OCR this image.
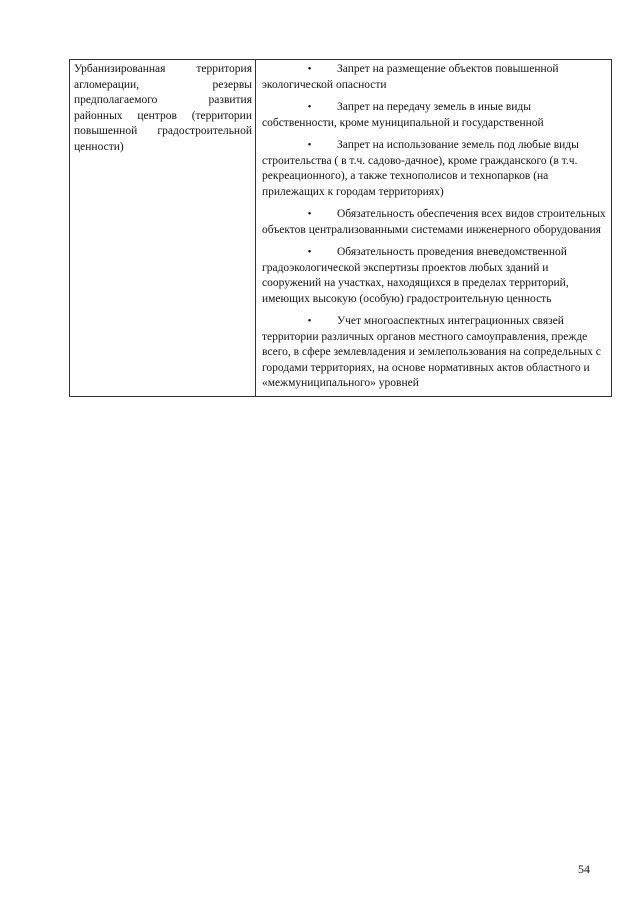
Урбанизированная территория агломерации, резервы предполагаемого развития районных центров (территории повышенной градостроительной ценности)

• Запрет на размещение объектов повышенной экологической опасности
• Запрет на передачу земель в иные виды собственности, кроме муниципальной и государственной
• Запрет на использование земель под любые виды строительства ( в т.ч. садово-дачное), кроме гражданского (в т.ч. рекреационного), а также технополисов и технопарков (на прилежащих к городам территориях)
• Обязательность обеспечения всех видов строительных объектов централизованными системами инженерного оборудования
• Обязательность проведения вневедомственной градоэкологической экспертизы проектов любых зданий и сооружений на участках, находящихся в пределах территорий, имеющих высокую (особую) градостроительную ценность
• Учет многоаспектных интеграционных связей территории различных органов местного самоуправления, прежде всего, в сфере землевладения и землепользования на сопредельных с городами территориях, на основе нормативных актов областного и «межмуниципального» уровней
54
